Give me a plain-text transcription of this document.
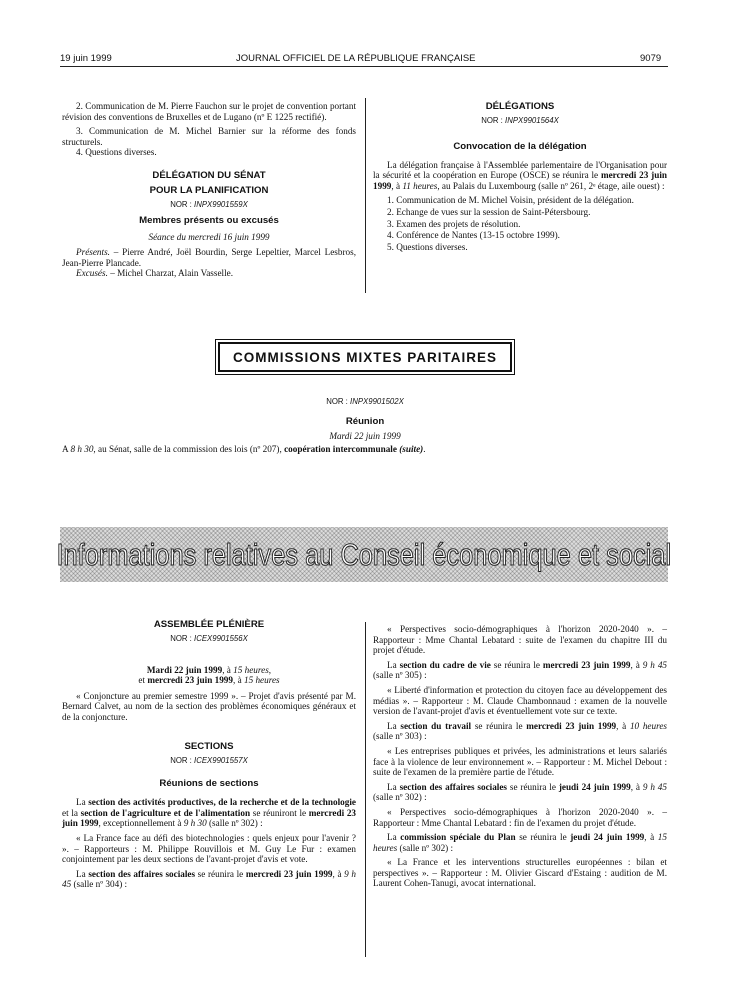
19 juin 1999	JOURNAL OFFICIEL DE LA RÉPUBLIQUE FRANÇAISE	9079

2. Communication de M. Pierre Fauchon sur le projet de convention portant révision des conventions de Bruxelles et de Lugano (nº E 1225 rectifié).

3. Communication de M. Michel Barnier sur la réforme des fonds structurels.

4. Questions diverses.

DÉLÉGATION DU SÉNAT

POUR LA PLANIFICATION

NOR : INPX9901559X

Membres présents ou excusés

Séance du mercredi 16 juin 1999

Présents. – Pierre André, Joël Bourdin, Serge Lepeltier, Marcel Lesbros, Jean-Pierre Plancade.

Excusés. – Michel Charzat, Alain Vasselle.

DÉLÉGATIONS

NOR : INPX9901564X

Convocation de la délégation

La délégation française à l'Assemblée parlementaire de l'Organisation pour la sécurité et la coopération en Europe (OSCE) se réunira le mercredi 23 juin 1999, à 11 heures, au Palais du Luxembourg (salle nº 261, 2ᵉ étage, aile ouest) :

1. Communication de M. Michel Voisin, président de la délégation.

2. Echange de vues sur la session de Saint-Pétersbourg.

3. Examen des projets de résolution.

4. Conférence de Nantes (13-15 octobre 1999).

5. Questions diverses.

COMMISSIONS MIXTES PARITAIRES

NOR : INPX9901502X

Réunion

Mardi 22 juin 1999

A 8 h 30, au Sénat, salle de la commission des lois (nº 207), coopération intercommunale (suite).

Informations relatives au Conseil économique et social

ASSEMBLÉE PLÉNIÈRE

NOR : ICEX9901556X

Mardi 22 juin 1999, à 15 heures,

et mercredi 23 juin 1999, à 15 heures

« Conjoncture au premier semestre 1999 ». – Projet d'avis présenté par M. Bernard Calvet, au nom de la section des problèmes économiques généraux et de la conjoncture.

SECTIONS

NOR : ICEX9901557X

Réunions de sections

La section des activités productives, de la recherche et de la technologie et la section de l'agriculture et de l'alimentation se réuniront le mercredi 23 juin 1999, exceptionnellement à 9 h 30 (salle nº 302) :

« La France face au défi des biotechnologies : quels enjeux pour l'avenir ? ». – Rapporteurs : M. Philippe Rouvillois et M. Guy Le Fur : examen conjointement par les deux sections de l'avant-projet d'avis et vote.

La section des affaires sociales se réunira le mercredi 23 juin 1999, à 9 h 45 (salle nº 304) :

« Perspectives socio-démographiques à l'horizon 2020-2040 ». – Rapporteur : Mme Chantal Lebatard : suite de l'examen du chapitre III du projet d'étude.

La section du cadre de vie se réunira le mercredi 23 juin 1999, à 9 h 45 (salle nº 305) :

« Liberté d'information et protection du citoyen face au développement des médias ». – Rapporteur : M. Claude Chambonnaud : examen de la nouvelle version de l'avant-projet d'avis et éventuellement vote sur ce texte.

La section du travail se réunira le mercredi 23 juin 1999, à 10 heures (salle nº 303) :

« Les entreprises publiques et privées, les administrations et leurs salariés face à la violence de leur environnement ». – Rapporteur : M. Michel Debout : suite de l'examen de la première partie de l'étude.

La section des affaires sociales se réunira le jeudi 24 juin 1999, à 9 h 45 (salle nº 302) :

« Perspectives socio-démographiques à l'horizon 2020-2040 ». – Rapporteur : Mme Chantal Lebatard : fin de l'examen du projet d'étude.

La commission spéciale du Plan se réunira le jeudi 24 juin 1999, à 15 heures (salle nº 302) :

« La France et les interventions structurelles européennes : bilan et perspectives ». – Rapporteur : M. Olivier Giscard d'Estaing : audition de M. Laurent Cohen-Tanugi, avocat international.
